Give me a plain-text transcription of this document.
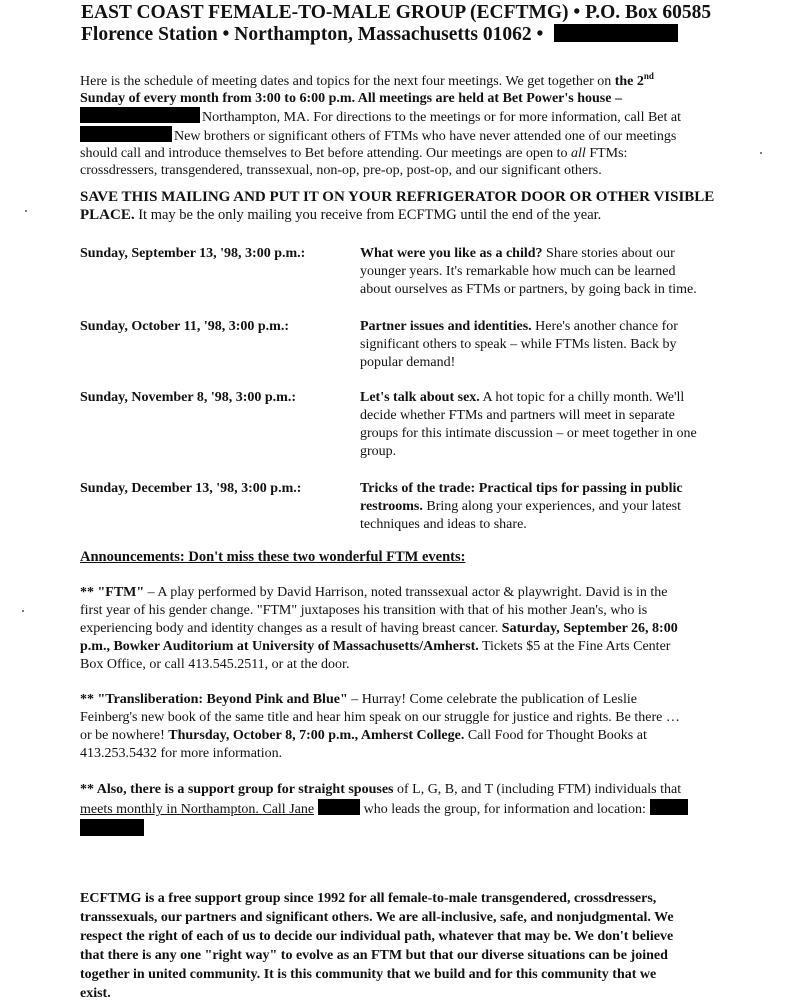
EAST COAST FEMALE-TO-MALE GROUP (ECFTMG) • P.O. Box 60585
Florence Station • Northampton, Massachusetts 01062 •
Here is the schedule of meeting dates and topics for the next four meetings. We get together on the 2nd
Sunday of every month from 3:00 to 6:00 p.m. All meetings are held at Bet Power's house –
Northampton, MA. For directions to the meetings or for more information, call Bet at
New brothers or significant others of FTMs who have never attended one of our meetings
should call and introduce themselves to Bet before attending. Our meetings are open to all FTMs:
crossdressers, transgendered, transsexual, non-op, pre-op, post-op, and our significant others.
SAVE THIS MAILING AND PUT IT ON YOUR REFRIGERATOR DOOR OR OTHER VISIBLE
PLACE. It may be the only mailing you receive from ECFTMG until the end of the year.
Sunday, September 13, '98, 3:00 p.m.:	What were you like as a child? Share stories about our
younger years. It's remarkable how much can be learned
about ourselves as FTMs or partners, by going back in time.
Sunday, October 11, '98, 3:00 p.m.:	Partner issues and identities. Here's another chance for
significant others to speak – while FTMs listen. Back by
popular demand!
Sunday, November 8, '98, 3:00 p.m.:	Let's talk about sex. A hot topic for a chilly month. We'll
decide whether FTMs and partners will meet in separate
groups for this intimate discussion – or meet together in one
group.
Sunday, December 13, '98, 3:00 p.m.:	Tricks of the trade: Practical tips for passing in public
restrooms. Bring along your experiences, and your latest
techniques and ideas to share.
Announcements: Don't miss these two wonderful FTM events:
** "FTM" – A play performed by David Harrison, noted transsexual actor & playwright. David is in the
first year of his gender change. "FTM" juxtaposes his transition with that of his mother Jean's, who is
experiencing body and identity changes as a result of having breast cancer. Saturday, September 26, 8:00
p.m., Bowker Auditorium at University of Massachusetts/Amherst. Tickets $5 at the Fine Arts Center
Box Office, or call 413.545.2511, or at the door.
** "Transliberation: Beyond Pink and Blue" – Hurray! Come celebrate the publication of Leslie
Feinberg's new book of the same title and hear him speak on our struggle for justice and rights. Be there …
or be nowhere! Thursday, October 8, 7:00 p.m., Amherst College. Call Food for Thought Books at
413.253.5432 for more information.
** Also, there is a support group for straight spouses of L, G, B, and T (including FTM) individuals that
meets monthly in Northampton. Call Jane	who leads the group, for information and location:
ECFTMG is a free support group since 1992 for all female-to-male transgendered, crossdressers,
transsexuals, our partners and significant others. We are all-inclusive, safe, and nonjudgmental. We
respect the right of each of us to decide our individual path, whatever that may be. We don't believe
that there is any one "right way" to evolve as an FTM but that our diverse situations can be joined
together in united community. It is this community that we build and for this community that we
exist.
